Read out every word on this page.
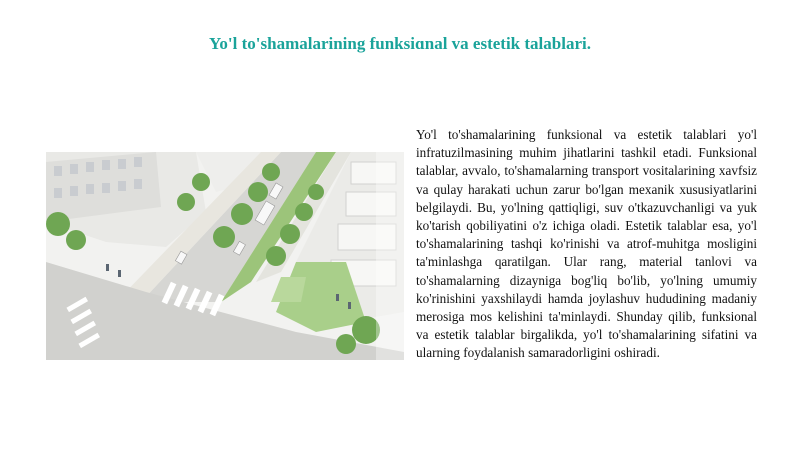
Yo'l to'shamalarining funksiɑnal va estetik talablari.
Yo'l to'shamalarining funksional va estetik talablari yo'l infratuzilmasining muhim jihatlarini tashkil etadi. Funksional talablar, avvalo, to'shamalarning transport vositalarining xavfsiz va qulay harakati uchun zarur bo'lgan mexanik xususiyatlarini belgilaydi. Bu, yo'lning qattiqligi, suv o'tkazuvchanligi va yuk ko'tarish qobiliyatini o'z ichiga oladi. Estetik talablar esa, yo'l to'shamalarining tashqi ko'rinishi va atrof-muhitga mosligini ta'minlashga qaratilgan. Ular rang, material tanlovi va to'shamalarning dizayniga bog'liq bo'lib, yo'lning umumiy ko'rinishini yaxshilaydi hamda joylashuv hududining madaniy merosiga mos kelishini ta'minlaydi. Shunday qilib, funksional va estetik talablar birgalikda, yo'l to'shamalarining sifatini va ularning foydalanish samaradorligini oshiradi.
